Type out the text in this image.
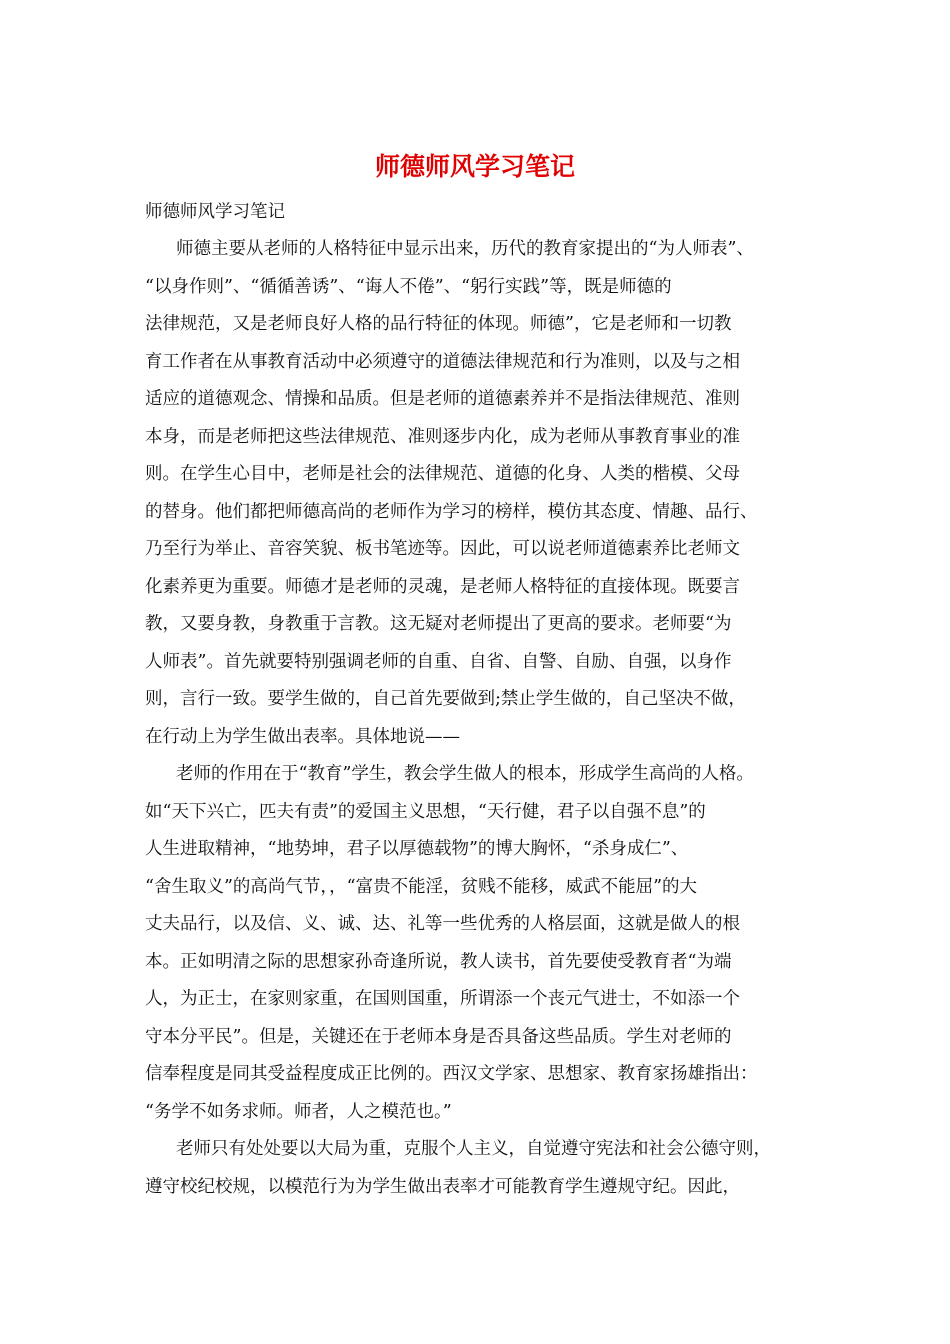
师德师风学习笔记

师德师风学习笔记

师德主要从老师的人格特征中显示出来，历代的教育家提出的“为人师表”、
“以身作则”、“循循善诱”、“诲人不倦”、“躬行实践”等，既是师德的
法律规范，又是老师良好人格的品行特征的体现。师德”，它是老师和一切教
育工作者在从事教育活动中必须遵守的道德法律规范和行为准则，以及与之相
适应的道德观念、情操和品质。但是老师的道德素养并不是指法律规范、准则
本身，而是老师把这些法律规范、准则逐步内化，成为老师从事教育事业的准
则。在学生心目中，老师是社会的法律规范、道德的化身、人类的楷模、父母
的替身。他们都把师德高尚的老师作为学习的榜样，模仿其态度、情趣、品行、
乃至行为举止、音容笑貌、板书笔迹等。因此，可以说老师道德素养比老师文
化素养更为重要。师德才是老师的灵魂，是老师人格特征的直接体现。既要言
教，又要身教，身教重于言教。这无疑对老师提出了更高的要求。老师要“为
人师表”。首先就要特别强调老师的自重、自省、自警、自励、自强，以身作
则，言行一致。要学生做的，自己首先要做到;禁止学生做的，自己坚决不做，
在行动上为学生做出表率。具体地说——
老师的作用在于“教育”学生，教会学生做人的根本，形成学生高尚的人格。
如“天下兴亡，匹夫有责”的爱国主义思想，“天行健，君子以自强不息”的
人生进取精神，“地势坤，君子以厚德载物”的博大胸怀，“杀身成仁”、
“舍生取义”的高尚气节，，“富贵不能淫，贫贱不能移，威武不能屈”的大
丈夫品行，以及信、义、诚、达、礼等一些优秀的人格层面，这就是做人的根
本。正如明清之际的思想家孙奇逢所说，教人读书，首先要使受教育者“为端
人，为正士，在家则家重，在国则国重，所谓添一个丧元气进士，不如添一个
守本分平民”。但是，关键还在于老师本身是否具备这些品质。学生对老师的
信奉程度是同其受益程度成正比例的。西汉文学家、思想家、教育家扬雄指出：
“务学不如务求师。师者，人之模范也。”
老师只有处处要以大局为重，克服个人主义，自觉遵守宪法和社会公德守则，
遵守校纪校规，以模范行为为学生做出表率才可能教育学生遵规守纪。因此，
